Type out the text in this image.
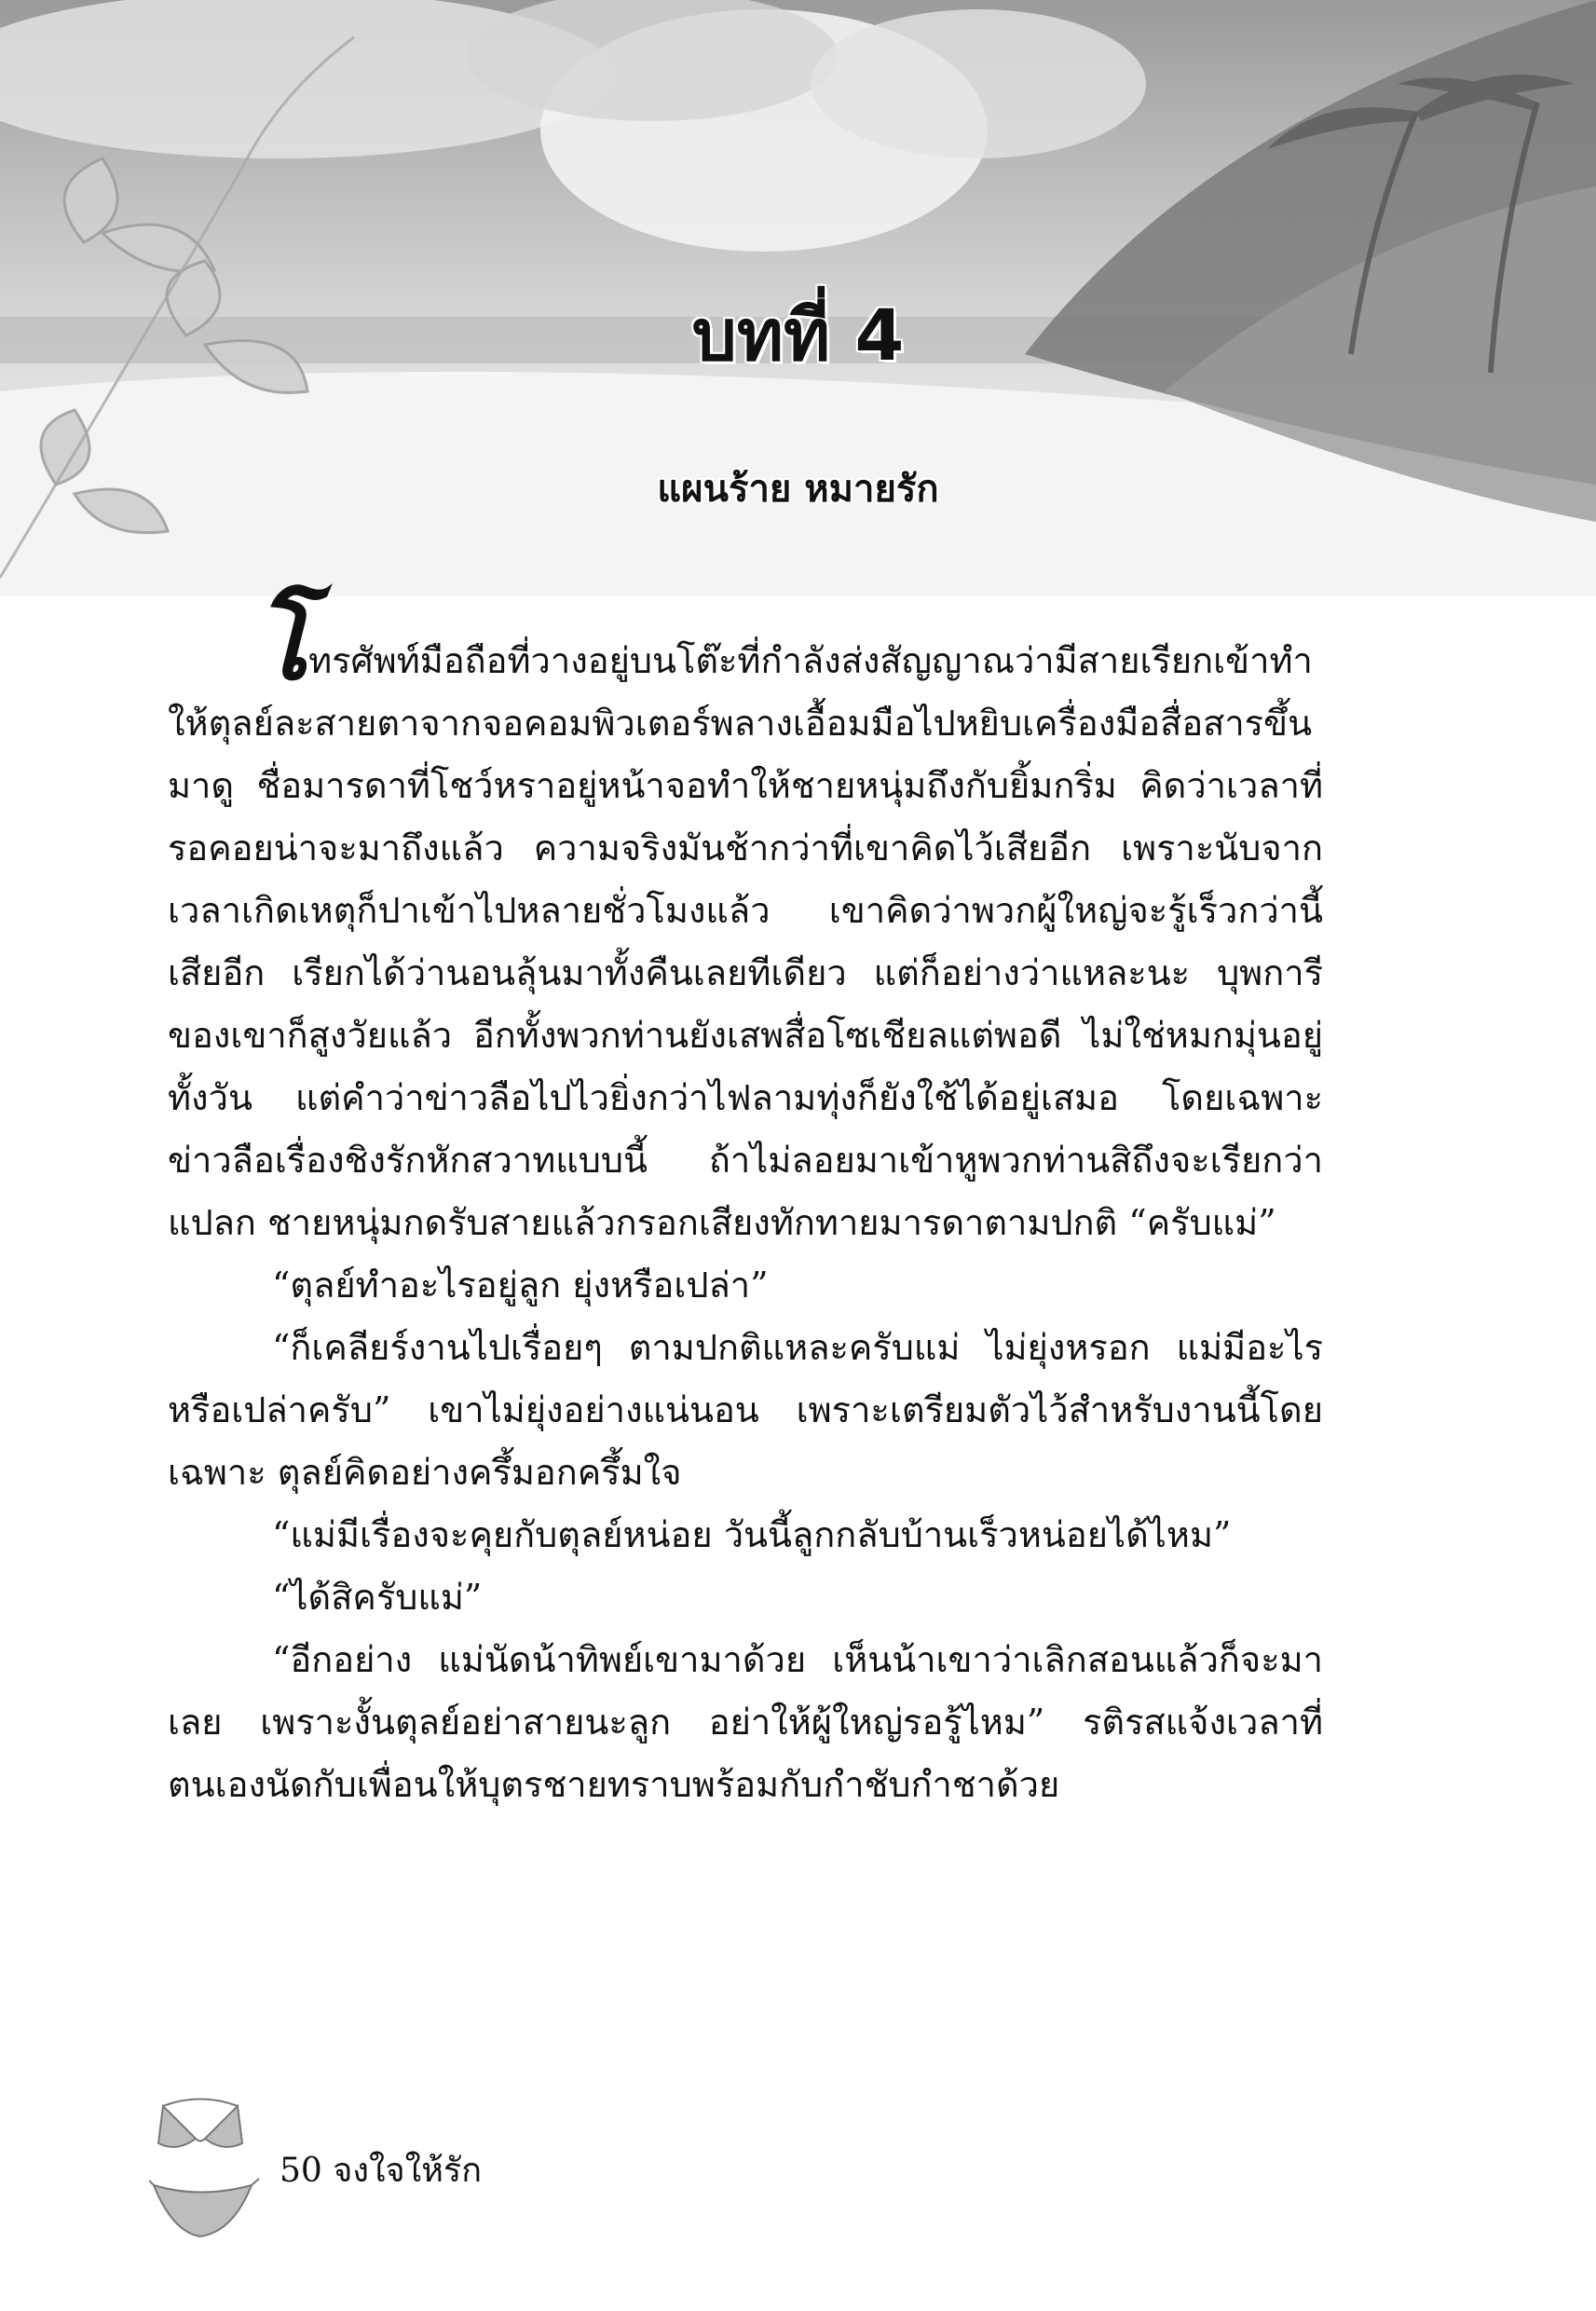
บทที่ 4
แผนร้าย หมายรัก

โทรศัพท์มือถือที่วางอยู่บนโต๊ะที่กำลังส่งสัญญาณว่ามีสายเรียกเข้าทำให้ตุลย์ละสายตาจากจอคอมพิวเตอร์พลางเอื้อมมือไปหยิบเครื่องมือสื่อสารขึ้นมาดู ชื่อมารดาที่โชว์หราอยู่หน้าจอทำให้ชายหนุ่มถึงกับยิ้มกริ่ม คิดว่าเวลาที่รอคอยน่าจะมาถึงแล้ว ความจริงมันช้ากว่าที่เขาคิดไว้เสียอีก เพราะนับจากเวลาเกิดเหตุก็ปาเข้าไปหลายชั่วโมงแล้ว เขาคิดว่าพวกผู้ใหญ่จะรู้เร็วกว่านี้เสียอีก เรียกได้ว่านอนลุ้นมาทั้งคืนเลยทีเดียว แต่ก็อย่างว่าแหละนะ บุพการีของเขาก็สูงวัยแล้ว อีกทั้งพวกท่านยังเสพสื่อโซเชียลแต่พอดี ไม่ใช่หมกมุ่นอยู่ทั้งวัน แต่คำว่าข่าวลือไปไวยิ่งกว่าไฟลามทุ่งก็ยังใช้ได้อยู่เสมอ โดยเฉพาะข่าวลือเรื่องชิงรักหักสวาทแบบนี้ ถ้าไม่ลอยมาเข้าหูพวกท่านสิถึงจะเรียกว่าแปลก ชายหนุ่มกดรับสายแล้วกรอกเสียงทักทายมารดาตามปกติ “ครับแม่”

“ตุลย์ทำอะไรอยู่ลูก ยุ่งหรือเปล่า”

“ก็เคลียร์งานไปเรื่อยๆ ตามปกติแหละครับแม่ ไม่ยุ่งหรอก แม่มีอะไรหรือเปล่าครับ” เขาไม่ยุ่งอย่างแน่นอน เพราะเตรียมตัวไว้สำหรับงานนี้โดยเฉพาะ ตุลย์คิดอย่างครึ้มอกครึ้มใจ

“แม่มีเรื่องจะคุยกับตุลย์หน่อย วันนี้ลูกกลับบ้านเร็วหน่อยได้ไหม”

“ได้สิครับแม่”

“อีกอย่าง แม่นัดน้าทิพย์เขามาด้วย เห็นน้าเขาว่าเลิกสอนแล้วก็จะมาเลย เพราะงั้นตุลย์อย่าสายนะลูก อย่าให้ผู้ใหญ่รอรู้ไหม” รติรสแจ้งเวลาที่ตนเองนัดกับเพื่อนให้บุตรชายทราบพร้อมกับกำชับกำชาด้วย

50 จงใจให้รัก
